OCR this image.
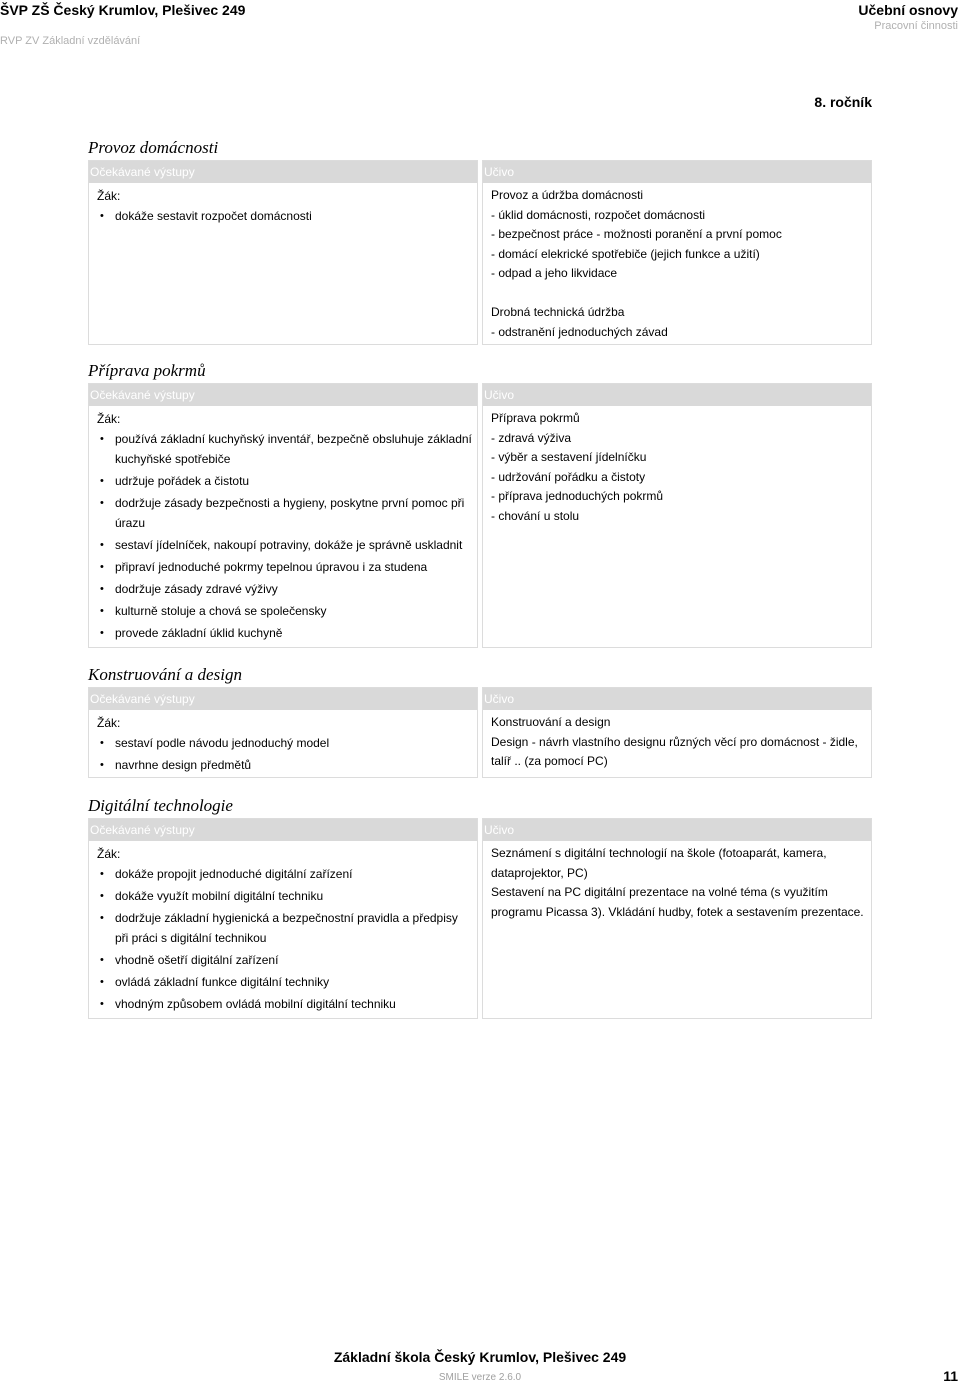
ŠVP ZŠ Český Krumlov, Plešivec 249
RVP ZV Základní vzdělávání
Učební osnovy
Pracovní činnosti
8. ročník
Provoz domácnosti
Očekávané výstupy
Žák:
• dokáže sestavit rozpočet domácnosti
Učivo
Provoz a údržba domácnosti
- úklid domácnosti, rozpočet domácnosti
- bezpečnost práce - možnosti poranění a první pomoc
- domácí elekrické spotřebiče (jejich funkce a užití)
- odpad a jeho likvidace
Drobná technická údržba
- odstranění jednoduchých závad
Příprava pokrmů
Očekávané výstupy
Žák:
• používá základní kuchyňský inventář, bezpečně obsluhuje základní kuchyňské spotřebiče
• udržuje pořádek a čistotu
• dodržuje zásady bezpečnosti a hygieny, poskytne první pomoc při úrazu
• sestaví jídelníček, nakoupí potraviny, dokáže je správně uskladnit
• připraví jednoduché pokrmy tepelnou úpravou i za studena
• dodržuje zásady zdravé výživy
• kulturně stoluje a chová se společensky
• provede základní úklid kuchyně
Učivo
Příprava pokrmů
- zdravá výživa
- výběr a sestavení jídelníčku
- udržování pořádku a čistoty
- příprava jednoduchých pokrmů
- chování u stolu
Konstruování a design
Očekávané výstupy
Žák:
• sestaví podle návodu jednoduchý model
• navrhne design předmětů
Učivo
Konstruování a design
Design - návrh vlastního designu různých věcí pro domácnost - židle, talíř .. (za pomocí PC)
Digitální technologie
Očekávané výstupy
Žák:
• dokáže propojit jednoduché digitální zařízení
• dokáže využít mobilní digitální techniku
• dodržuje základní hygienická a bezpečnostní pravidla a předpisy při práci s digitální technikou
• vhodně ošetří digitální zařízení
• ovládá základní funkce digitální techniky
• vhodným způsobem ovládá mobilní digitální techniku
Učivo
Seznámení s digitální technologií na škole (fotoaparát, kamera, dataprojektor, PC)
Sestavení na PC digitální prezentace na volné téma (s využitím programu Picassa 3). Vkládání hudby, fotek a sestavením prezentace.
Základní škola Český Krumlov, Plešivec 249
SMILE verze 2.6.0	11
